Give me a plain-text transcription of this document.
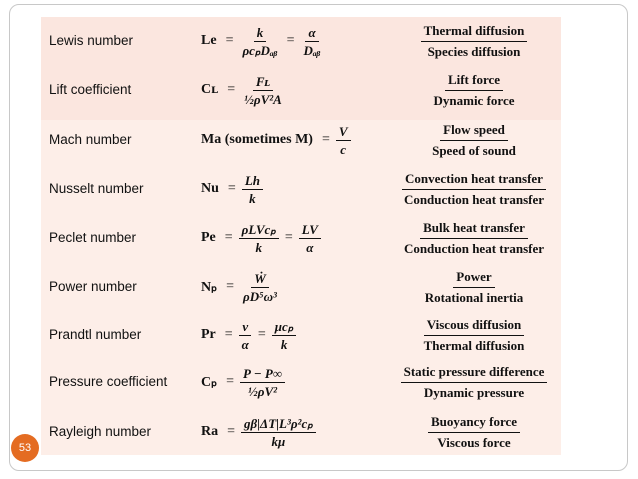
Lewis number	$Le = \frac{k}{\text{ρcₚDₐᵦ}} = \frac{\alpha}{\text{Dₐᵦ}}$	$\frac{\text{Thermal diffusion}}{\text{Species diffusion}}$
Lift coefficient	Cʟ = $\frac{\text{Fʟ}}{\text{½ρV²A}}$	$\frac{\text{Lift force}}{\text{Dynamic force}}$
Mach number	Ma (sometimes $M) = \frac{V}{c}$	$\frac{\text{Flow speed}}{\text{Speed of sound}}$
Nusselt number	$Nu = \frac{Lh}{k}$	$\frac{\text{Convection heat transfer}}{\text{Conduction heat transfer}}$
Peclet number	$Pe = \frac{\text{ρLVcₚ}}{k} = \frac{LV}{\alpha}$	$\frac{\text{Bulk heat transfer}}{\text{Conduction heat transfer}}$
Power number	$N_p = \frac{\text{Ẇ}}{\text{ρD⁵ω³}}$	$\frac{\text{Power}}{\text{Rotational inertia}}$
Prandtl number	$Pr = \frac{\nu}{\alpha} = \frac{\text{μcₚ}}{k}$	$\frac{\text{Viscous diffusion}}{\text{Thermal diffusion}}$
Pressure coefficient $C_p = \frac{P - P\infty}{\text{½ρV²}}$	$\frac{\text{Static pressure difference}}{\text{Dynamic pressure}}$
Rayleigh number	$Ra = \frac{\text{gβ|ΔT|L³ρ²cₚ}}{k\mu}$	$\frac{\text{Buoyancy force}}{\text{Viscous force}}$
53
